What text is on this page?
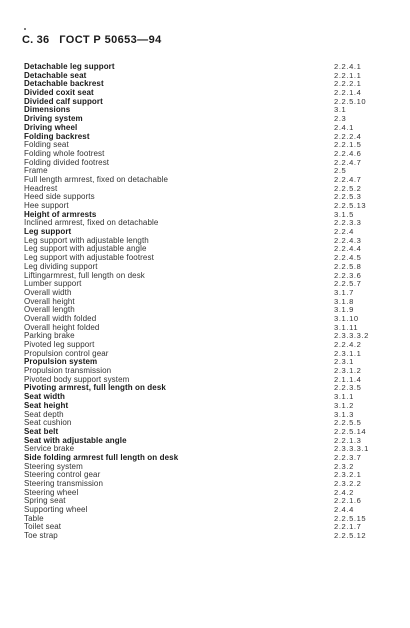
С. 36 ГОСТ Р 50653—94
Detachable leg support	2.2.4.1
Detachable seat	2.2.1.1
Detachable backrest	2.2.2.1
Divided coxit seat	2.2.1.4
Divided calf support	2.2.5.10
Dimensions	3.1
Driving system	2.3
Driving wheel	2.4.1
Folding backrest	2.2.2.4
Folding seat	2.2.1.5
Folding whole footrest	2.2.4.6
Folding divided footrest	2.2.4.7
Frame	2.5
Full length armrest, fixed on detachable	2.2.4.7
Headrest	2.2.5.2
Heed side supports	2.2.5.3
Hee support	2.2.5.13
Height of armrests	3.1.5
Inclined armrest, fixed on detachable	2.2.3.3
Leg support	2.2.4
Leg support with adjustable length	2.2.4.3
Leg support with adjustable angle	2.2.4.4
Leg support with adjustable footrest	2.2.4.5
Leg dividing support	2.2.5.8
Liftingarmrest, full length on desk	2.2.3.6
Lumber support	2.2.5.7
Overall width	3.1.7
Overall height	3.1.8
Overall length	3.1.9
Overall width folded	3.1.10
Overall height folded	3.1.11
Parking brake	2.3.3.3.2
Pivoted leg support	2.2.4.2
Propulsion control gear	2.3.1.1
Propulsion system	2.3.1
Propulsion transmission	2.3.1.2
Pivoted body support system	2.1.1.4
Pivoting armrest, full length on desk	2.2.3.5
Seat width	3.1.1
Seat height	3.1.2
Seat depth	3.1.3
Seat cushion	2.2.5.5
Seat belt	2.2.5.14
Seat with adjustable angle	2.2.1.3
Service brake	2.3.3.3.1
Side folding armrest full length on desk	2.2.3.7
Steering system	2.3.2
Steering control gear	2.3.2.1
Steering transmission	2.3.2.2
Steering wheel	2.4.2
Spring seat	2.2.1.6
Supporting wheel	2.4.4
Table	2.2.5.15
Toilet seat	2.2.1.7
Toe strap	2.2.5.12
